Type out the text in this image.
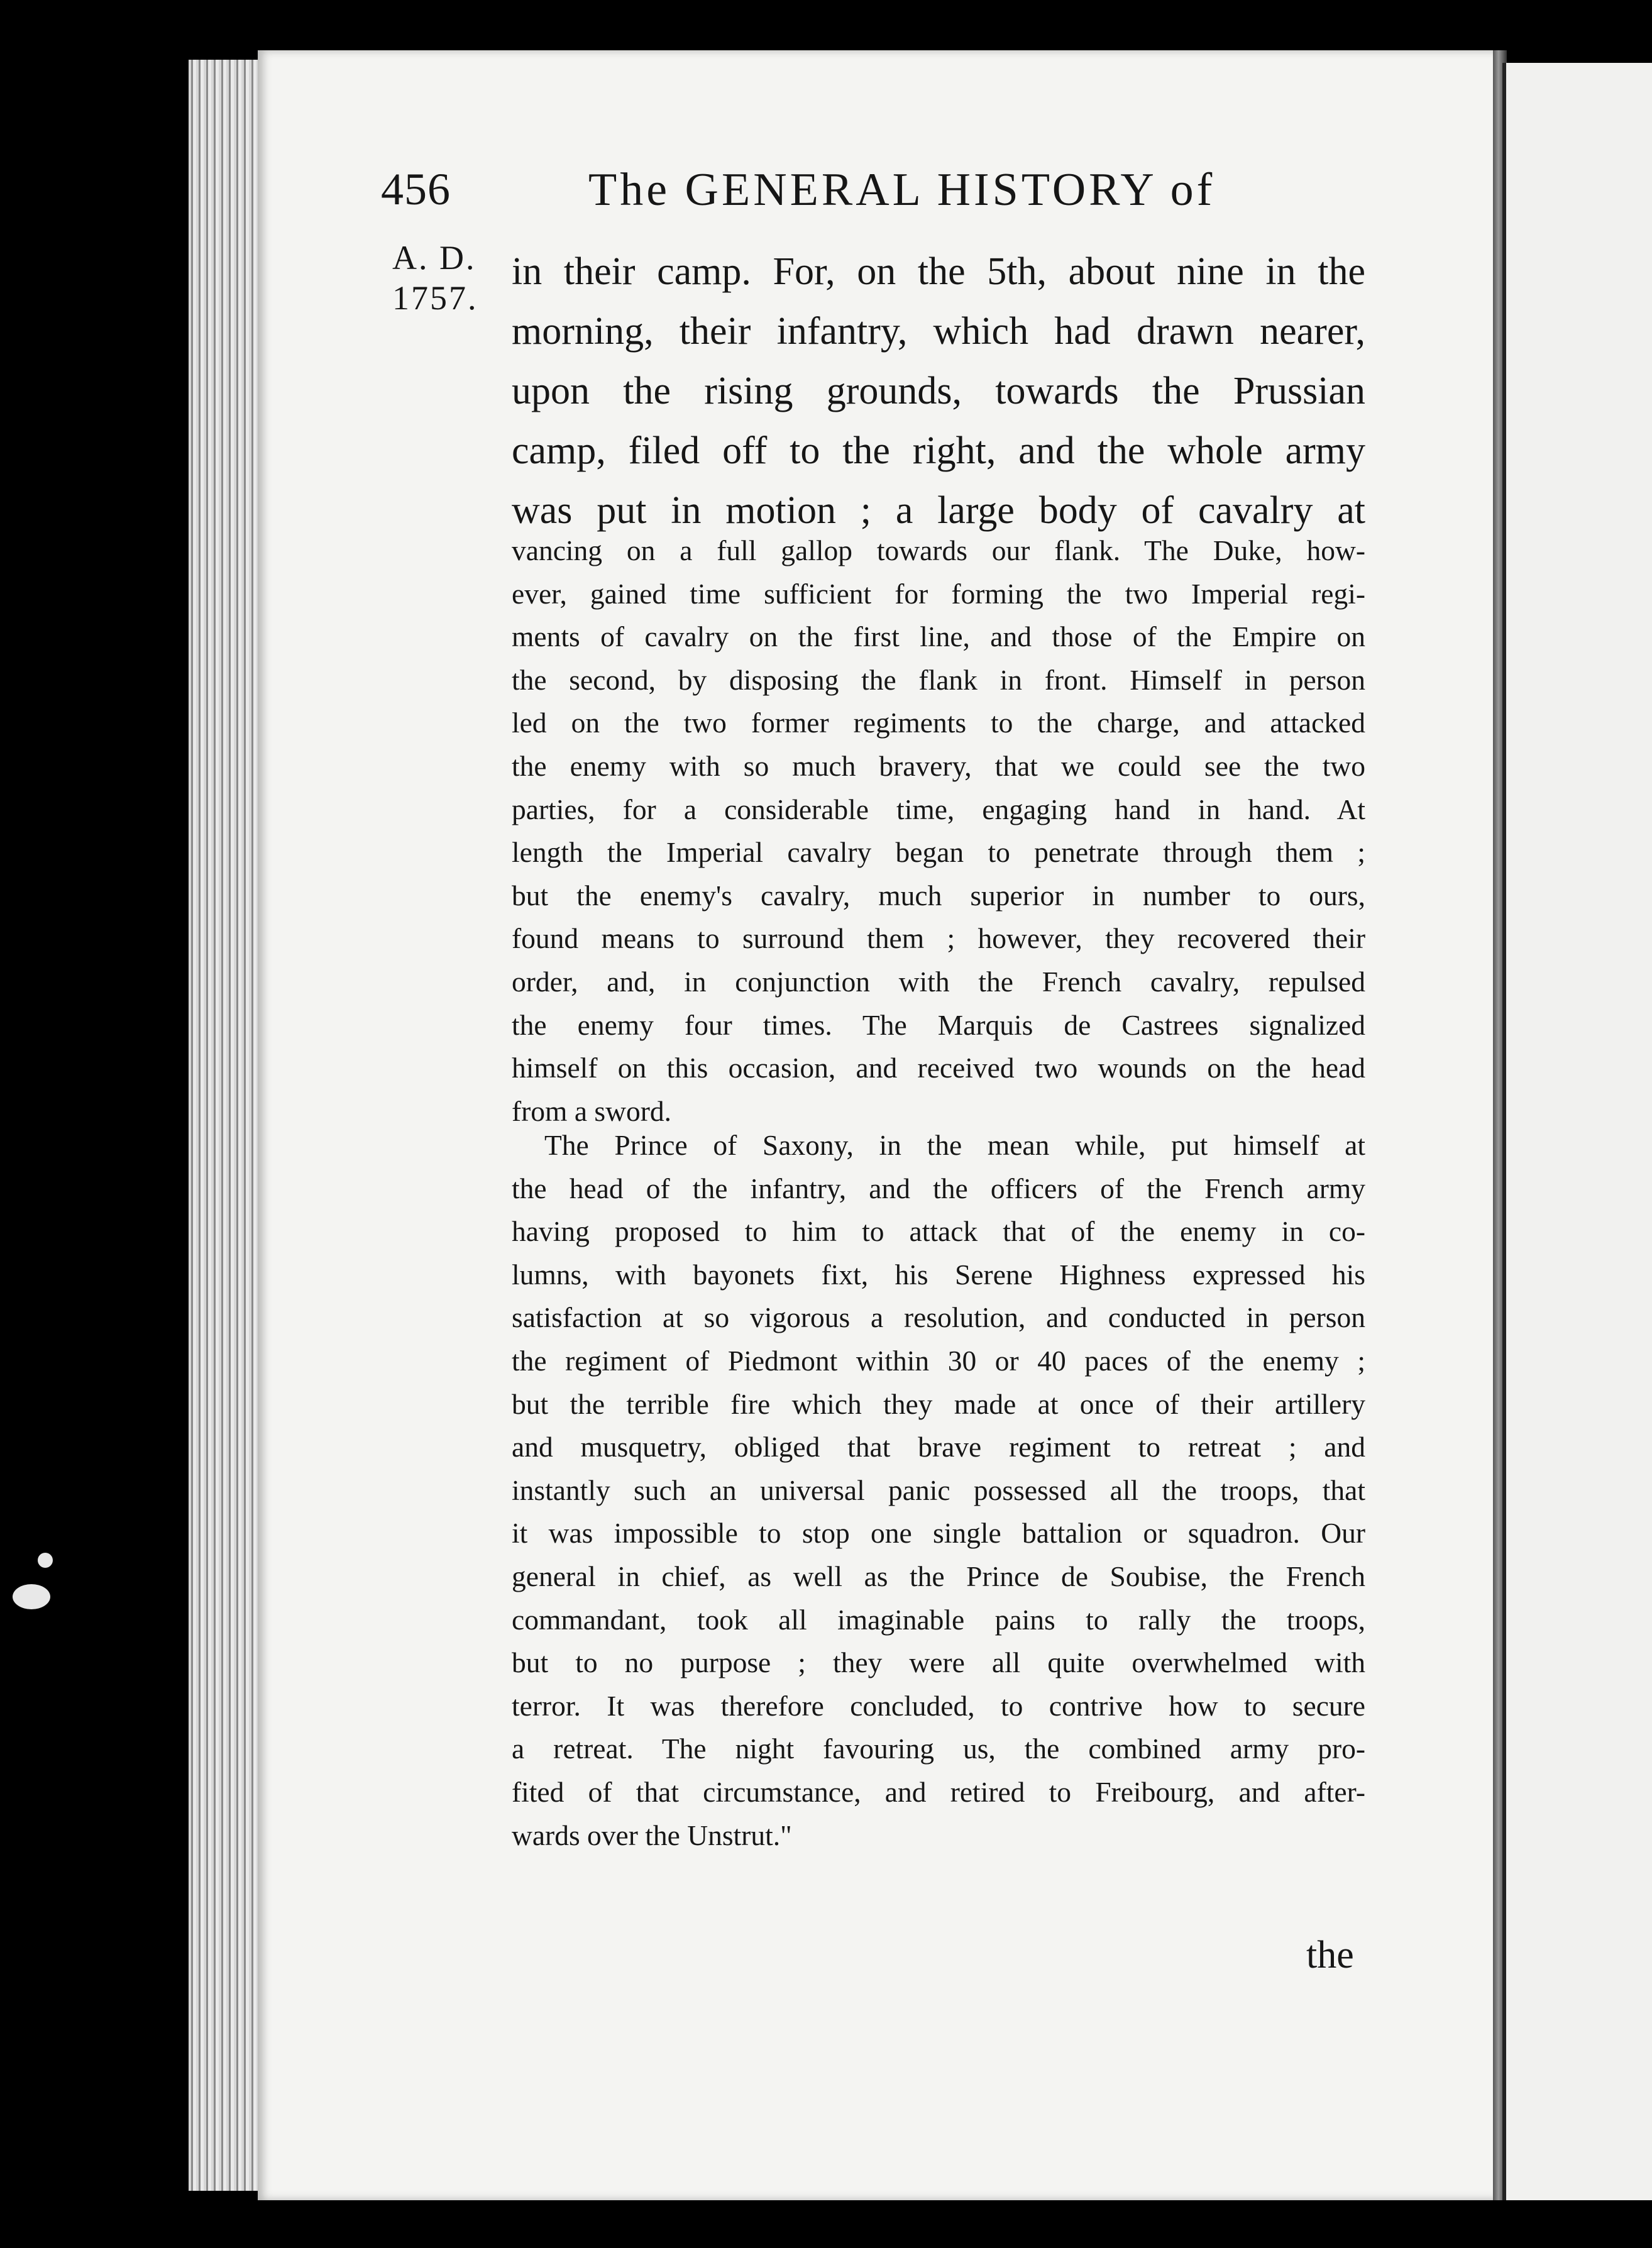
456	The GENERAL HISTORY of
A. D.
1757.
in their camp. For, on the 5th, about nine in the
morning, their infantry, which had drawn nearer,
upon the rising grounds, towards the Prussian
camp, filed off to the right, and the whole army
was put in motion ; a large body of cavalry at
vancing on a full gallop towards our flank. The Duke, how-
ever, gained time sufficient for forming the two Imperial regi-
ments of cavalry on the first line, and those of the Empire on
the second, by disposing the flank in front. Himself in person
led on the two former regiments to the charge, and attacked
the enemy with so much bravery, that we could see the two
parties, for a considerable time, engaging hand in hand. At
length the Imperial cavalry began to penetrate through them ;
but the enemy's cavalry, much superior in number to ours,
found means to surround them ; however, they recovered their
order, and, in conjunction with the French cavalry, repulsed
the enemy four times. The Marquis de Castrees signalized
himself on this occasion, and received two wounds on the head
from a sword.
The Prince of Saxony, in the mean while, put himself at
the head of the infantry, and the officers of the French army
having proposed to him to attack that of the enemy in co-
lumns, with bayonets fixt, his Serene Highness expressed his
satisfaction at so vigorous a resolution, and conducted in person
the regiment of Piedmont within 30 or 40 paces of the enemy ;
but the terrible fire which they made at once of their artillery
and musquetry, obliged that brave regiment to retreat ; and
instantly such an universal panic possessed all the troops, that
it was impossible to stop one single battalion or squadron. Our
general in chief, as well as the Prince de Soubise, the French
commandant, took all imaginable pains to rally the troops,
but to no purpose ; they were all quite overwhelmed with
terror. It was therefore concluded, to contrive how to secure
a retreat. The night favouring us, the combined army pro-
fited of that circumstance, and retired to Freibourg, and after-
wards over the Unstrut."
the
